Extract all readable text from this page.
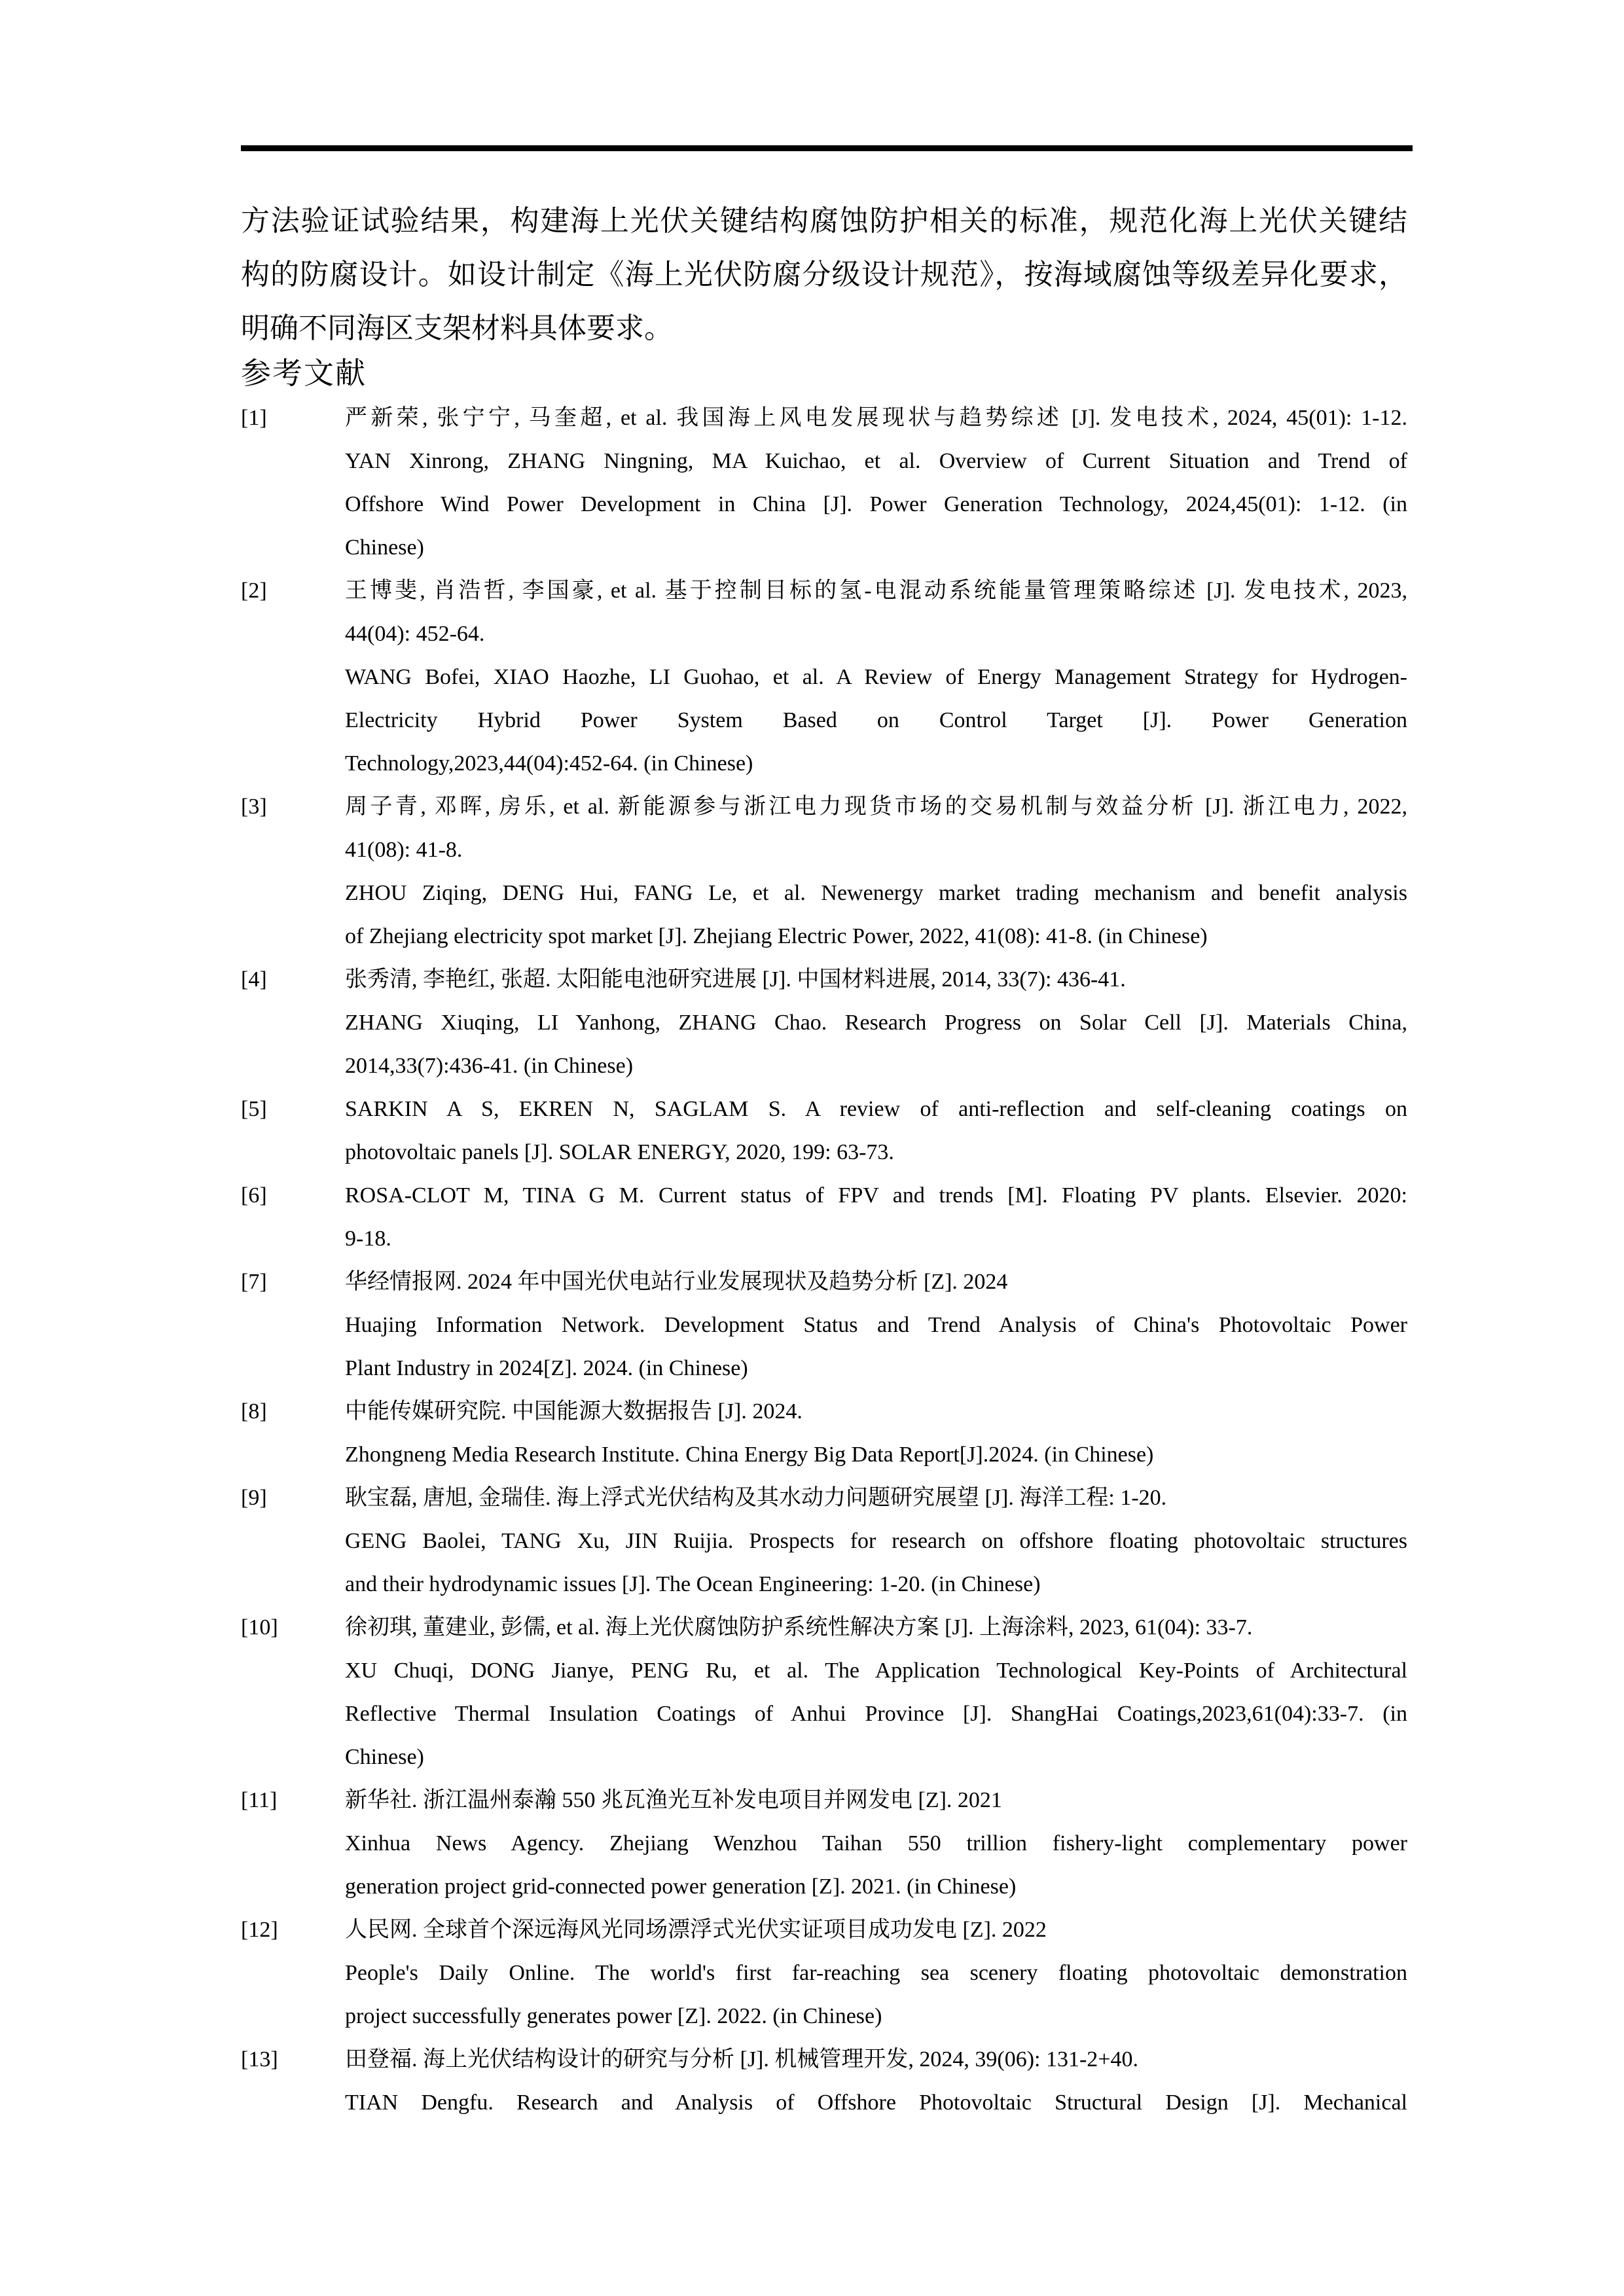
方法验证试验结果，构建海上光伏关键结构腐蚀防护相关的标准，规范化海上光伏关键结
构的防腐设计。如设计制定《海上光伏防腐分级设计规范》，按海域腐蚀等级差异化要求，
明确不同海区支架材料具体要求。
参考文献
[1]	严新荣, 张宁宁, 马奎超, et al. 我国海上风电发展现状与趋势综述 [J]. 发电技术, 2024, 45(01): 1-12.
YAN Xinrong, ZHANG Ningning, MA Kuichao, et al. Overview of Current Situation and Trend of
Offshore Wind Power Development in China [J]. Power Generation Technology, 2024,45(01): 1-12. (in
Chinese)
[2]	王博斐, 肖浩哲, 李国豪, et al. 基于控制目标的氢-电混动系统能量管理策略综述 [J]. 发电技术, 2023,
44(04): 452-64.
WANG Bofei, XIAO Haozhe, LI Guohao, et al. A Review of Energy Management Strategy for Hydrogen-
Electricity Hybrid Power System Based on Control Target [J]. Power Generation
Technology,2023,44(04):452-64. (in Chinese)
[3]	周子青, 邓晖, 房乐, et al. 新能源参与浙江电力现货市场的交易机制与效益分析 [J]. 浙江电力, 2022,
41(08): 41-8.
ZHOU Ziqing, DENG Hui, FANG Le, et al. Newenergy market trading mechanism and benefit analysis
of Zhejiang electricity spot market [J]. Zhejiang Electric Power, 2022, 41(08): 41-8. (in Chinese)
[4]	张秀清, 李艳红, 张超. 太阳能电池研究进展 [J]. 中国材料进展, 2014, 33(7): 436-41.
ZHANG Xiuqing, LI Yanhong, ZHANG Chao. Research Progress on Solar Cell [J]. Materials China,
2014,33(7):436-41. (in Chinese)
[5]	SARKIN A S, EKREN N, SAGLAM S. A review of anti-reflection and self-cleaning coatings on
photovoltaic panels [J]. SOLAR ENERGY, 2020, 199: 63-73.
[6]	ROSA-CLOT M, TINA G M. Current status of FPV and trends [M]. Floating PV plants. Elsevier. 2020:
9-18.
[7]	华经情报网. 2024 年中国光伏电站行业发展现状及趋势分析 [Z]. 2024
Huajing Information Network. Development Status and Trend Analysis of China's Photovoltaic Power
Plant Industry in 2024[Z]. 2024. (in Chinese)
[8]	中能传媒研究院. 中国能源大数据报告 [J]. 2024.
Zhongneng Media Research Institute. China Energy Big Data Report[J].2024. (in Chinese)
[9]	耿宝磊, 唐旭, 金瑞佳. 海上浮式光伏结构及其水动力问题研究展望 [J]. 海洋工程: 1-20.
GENG Baolei, TANG Xu, JIN Ruijia. Prospects for research on offshore floating photovoltaic structures
and their hydrodynamic issues [J]. The Ocean Engineering: 1-20. (in Chinese)
[10]	徐初琪, 董建业, 彭儒, et al. 海上光伏腐蚀防护系统性解决方案 [J]. 上海涂料, 2023, 61(04): 33-7.
XU Chuqi, DONG Jianye, PENG Ru, et al. The Application Technological Key-Points of Architectural
Reflective Thermal Insulation Coatings of Anhui Province [J]. ShangHai Coatings,2023,61(04):33-7. (in
Chinese)
[11]	新华社. 浙江温州泰瀚 550 兆瓦渔光互补发电项目并网发电 [Z]. 2021
Xinhua News Agency. Zhejiang Wenzhou Taihan 550 trillion fishery-light complementary power
generation project grid-connected power generation [Z]. 2021. (in Chinese)
[12]	人民网. 全球首个深远海风光同场漂浮式光伏实证项目成功发电 [Z]. 2022
People's Daily Online. The world's first far-reaching sea scenery floating photovoltaic demonstration
project successfully generates power [Z]. 2022. (in Chinese)
[13]	田登福. 海上光伏结构设计的研究与分析 [J]. 机械管理开发, 2024, 39(06): 131-2+40.
TIAN Dengfu. Research and Analysis of Offshore Photovoltaic Structural Design [J]. Mechanical
